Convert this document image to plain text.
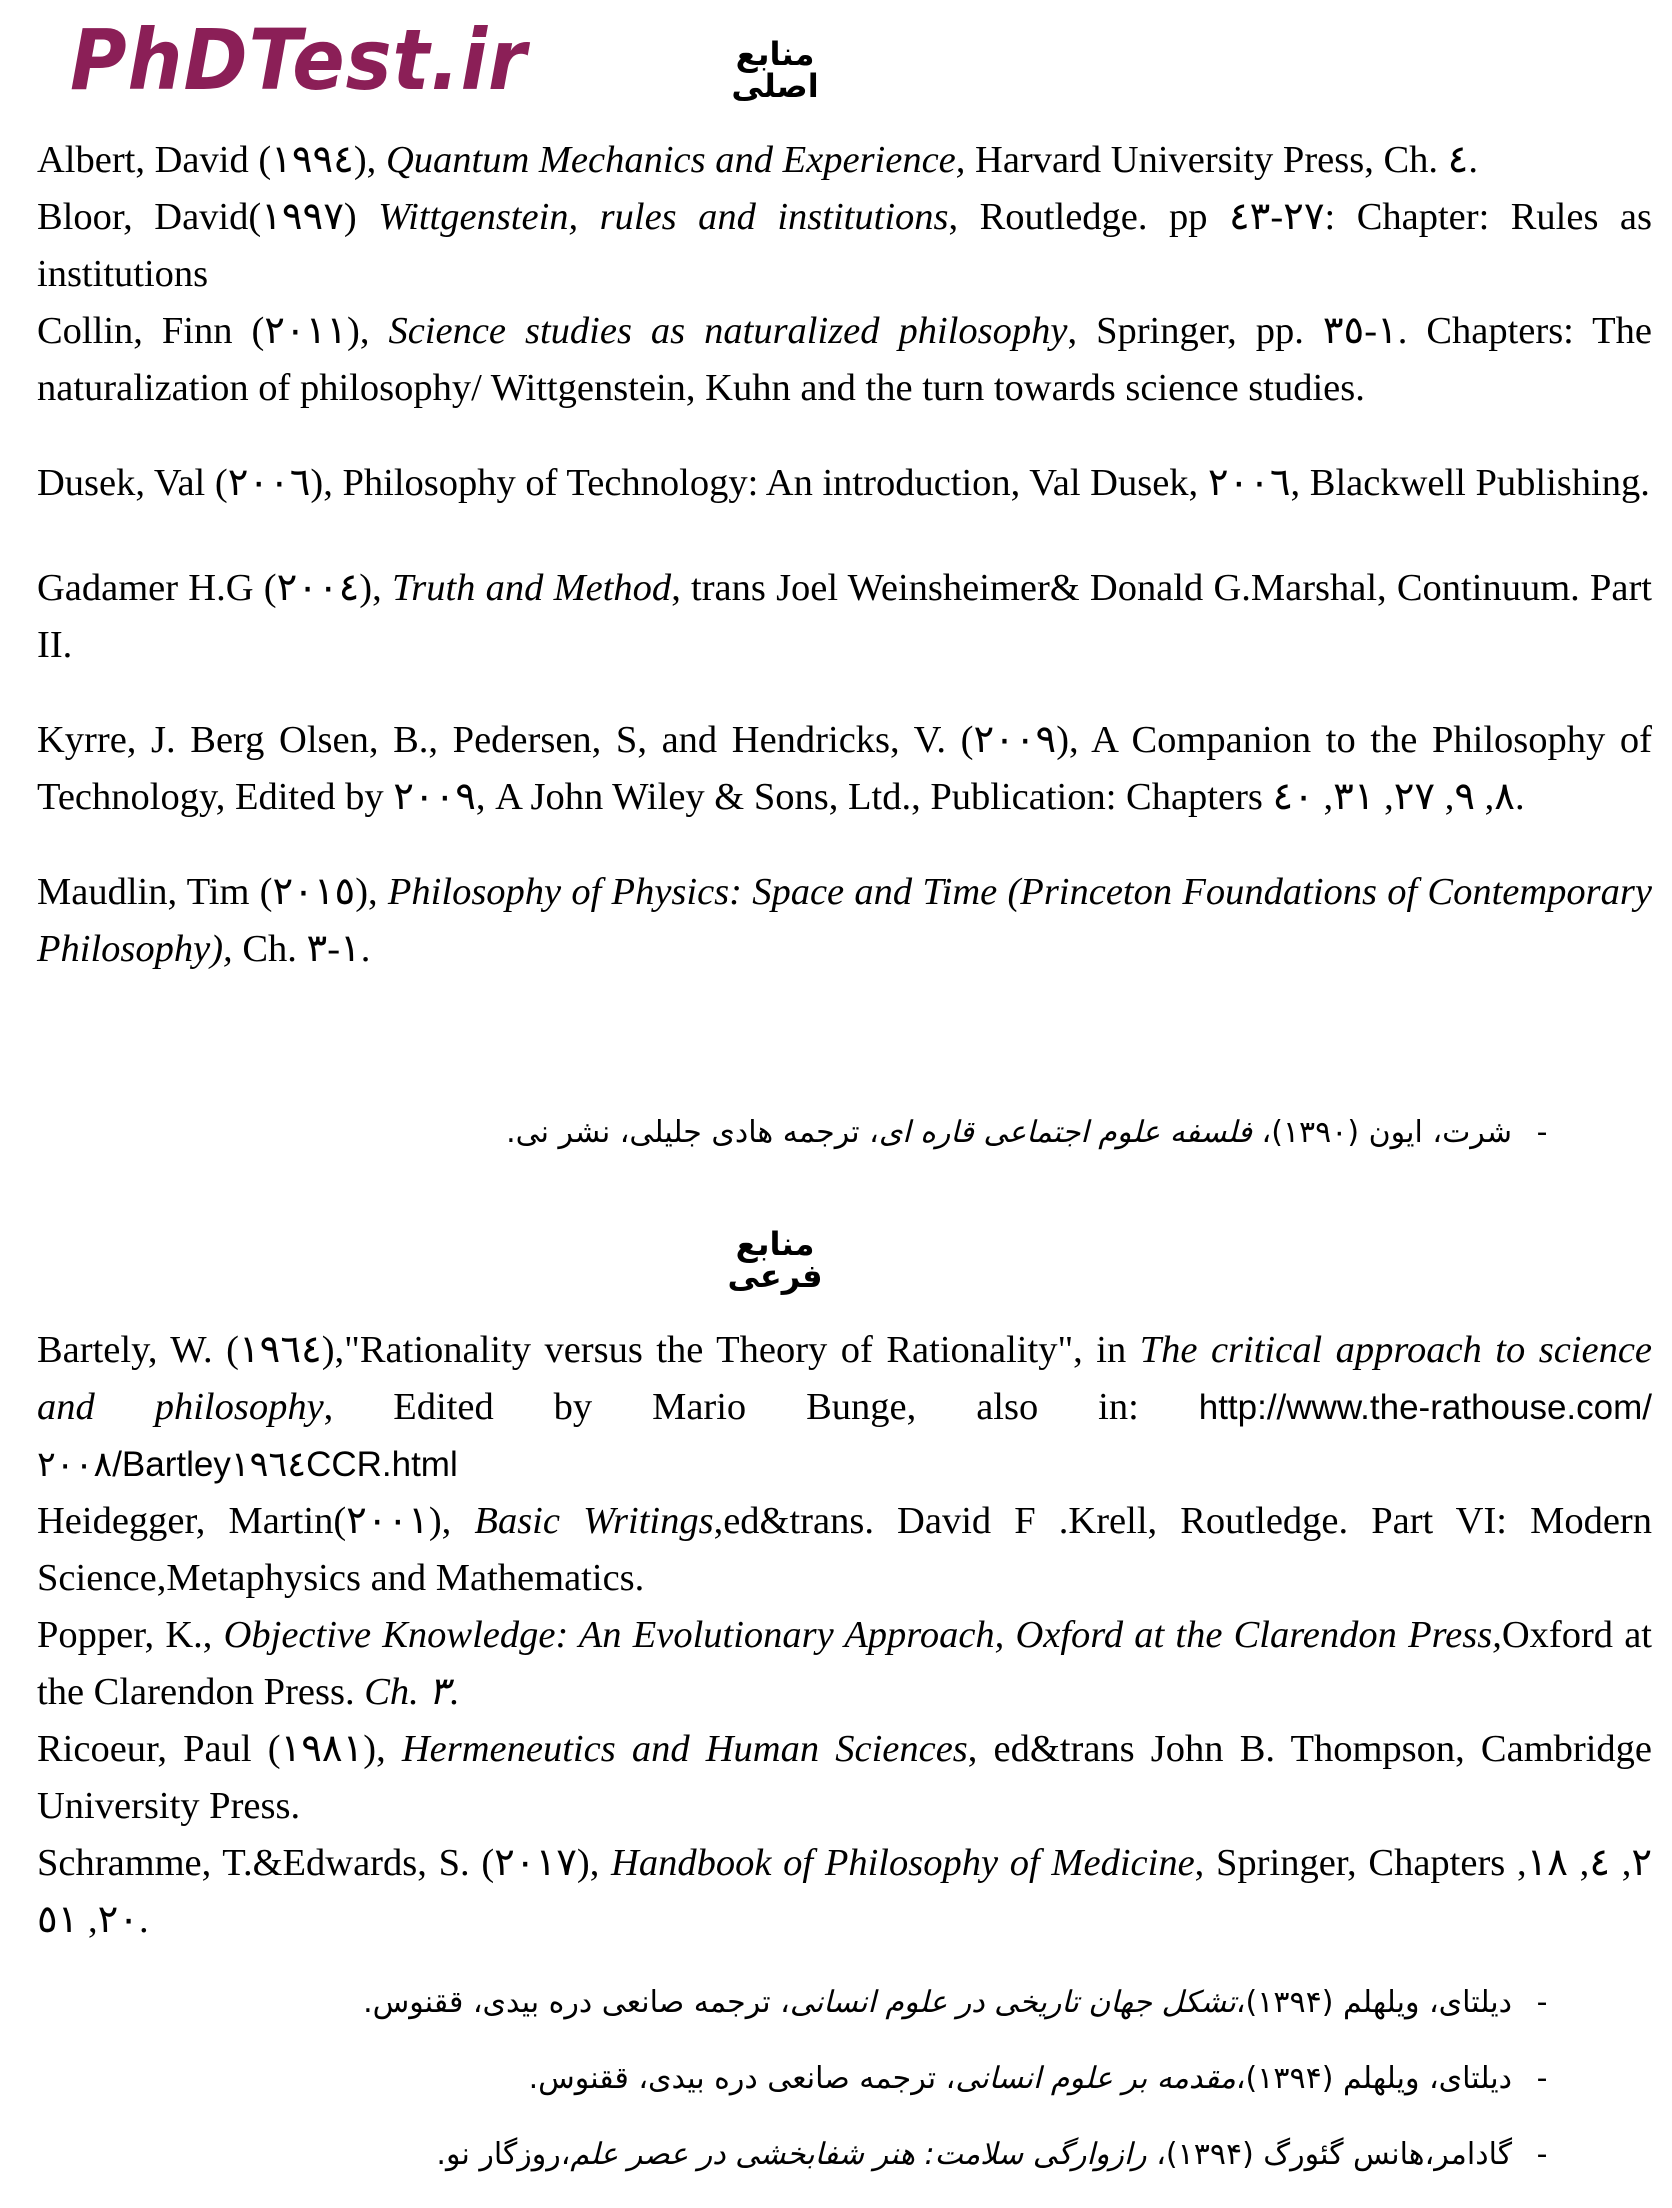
PhDTest.ir	منابع اصلی

Albert, David (١٩٩٤), Quantum Mechanics and Experience, Harvard University Press, Ch. ٤.

Bloor, David(١٩٩٧) Wittgenstein, rules and institutions, Routledge. pp ٢٧-٤٣: Chapter: Rules as institutions

Collin, Finn (٢٠١١), Science studies as naturalized philosophy, Springer, pp. ١-٣٥. Chapters: The naturalization of philosophy/ Wittgenstein, Kuhn and the turn towards science studies.

Dusek, Val (٢٠٠٦), Philosophy of Technology: An introduction, Val Dusek, ٢٠٠٦, Blackwell Publishing.

Gadamer H.G (٢٠٠٤), Truth and Method, trans Joel Weinsheimer& Donald G.Marshal, Continuum. Part II.

Kyrre, J. Berg Olsen, B., Pedersen, S, and Hendricks, V. (٢٠٠٩), A Companion to the Philosophy of Technology, Edited by ٢٠٠٩, A John Wiley & Sons, Ltd., Publication: Chapters ٨, ٩, ٢٧, ٣١, ٤٠.

Maudlin, Tim (٢٠١٥), Philosophy of Physics: Space and Time (Princeton Foundations of Contemporary Philosophy), Ch. ١-٣.

-شرت، ایون (۱۳۹۰)، فلسفه علوم اجتماعی قاره ای، ترجمه هادی جلیلی، نشر نی.
منابع فرعی

Bartely, W. (١٩٦٤),"Rationality versus the Theory of Rationality", in The critical approach to science and philosophy, Edited by Mario Bunge, also in: http://www.the-rathouse.com/٢٠٠٨/Bartley١٩٦٤CCR.html

Heidegger, Martin(٢٠٠١), Basic Writings,ed&trans. David F .Krell, Routledge. Part VI: Modern Science,Metaphysics and Mathematics.

Popper, K., Objective Knowledge: An Evolutionary Approach, Oxford at the Clarendon Press,Oxford at the Clarendon Press. Ch. ٣.

Ricoeur, Paul (١٩٨١), Hermeneutics and Human Sciences, ed&trans John B. Thompson, Cambridge University Press.

Schramme, T.&Edwards, S. (٢٠١٧), Handbook of Philosophy of Medicine, Springer, Chapters ٢, ٤, ١٨, ٢٠, ٥١.

-دیلتای، ویلهلم (۱۳۹۴)،تشکل جهان تاریخی در علوم انسانی، ترجمه صانعی دره بیدی، ققنوس.
-دیلتای، ویلهلم (۱۳۹۴)،مقدمه بر علوم انسانی، ترجمه صانعی دره بیدی، ققنوس.
-گادامر،هانس گئورگ (۱۳۹۴)، رازوارگی سلامت: هنر شفابخشی در عصر علم،روزگار نو.
